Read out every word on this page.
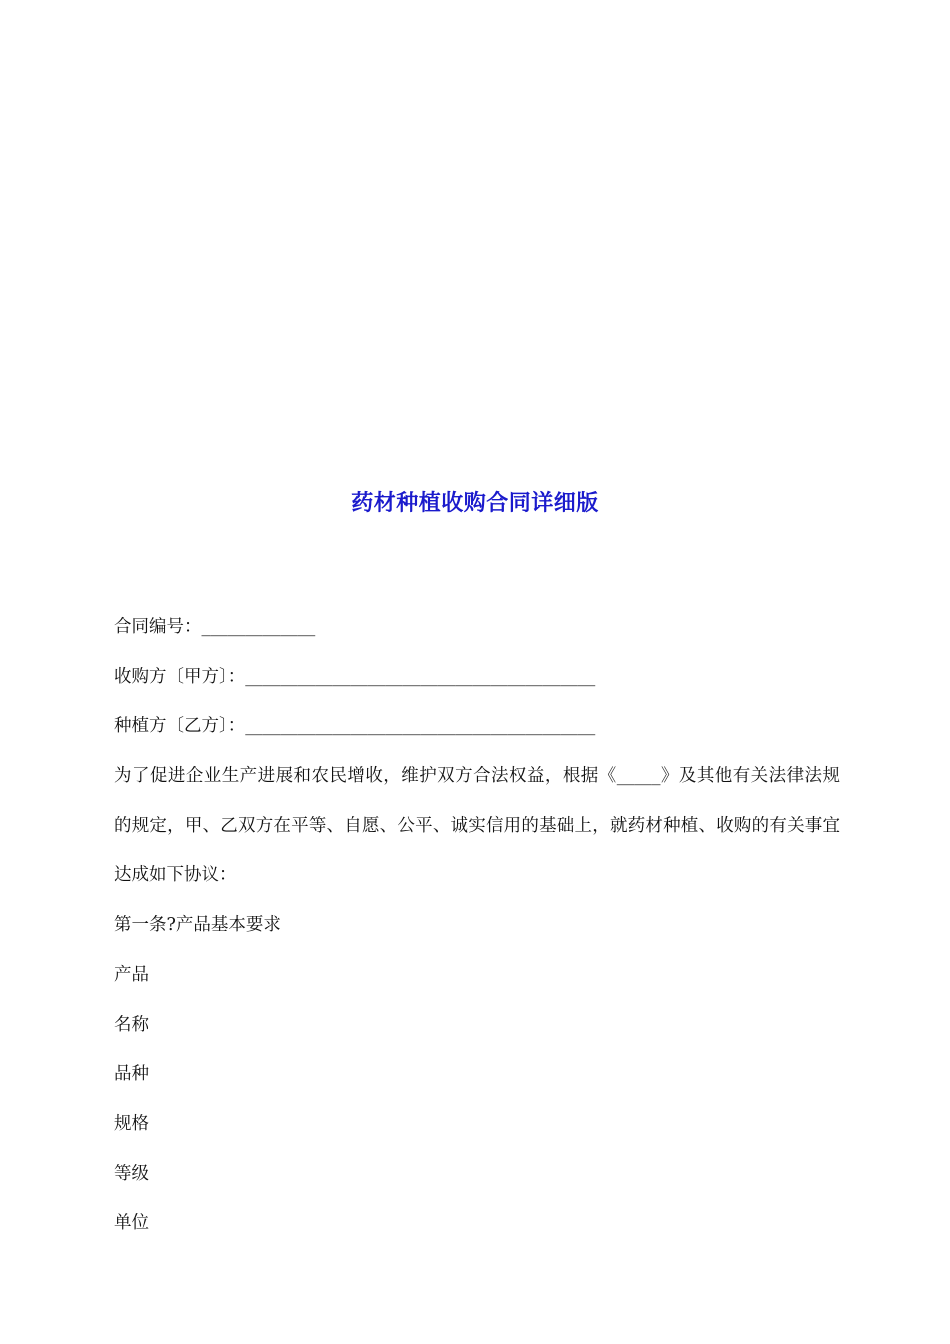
药材种植收购合同详细版
合同编号：_____________
收购方〔甲方〕：________________________________________
种植方〔乙方〕：________________________________________
为了促进企业生产进展和农民增收，维护双方合法权益，根据《_____》及其他有关法律法规的规定，甲、乙双方在平等、自愿、公平、诚实信用的基础上，就药材种植、收购的有关事宜达成如下协议：
第一条?产品基本要求
产品
名称
品种
规格
等级
单位
